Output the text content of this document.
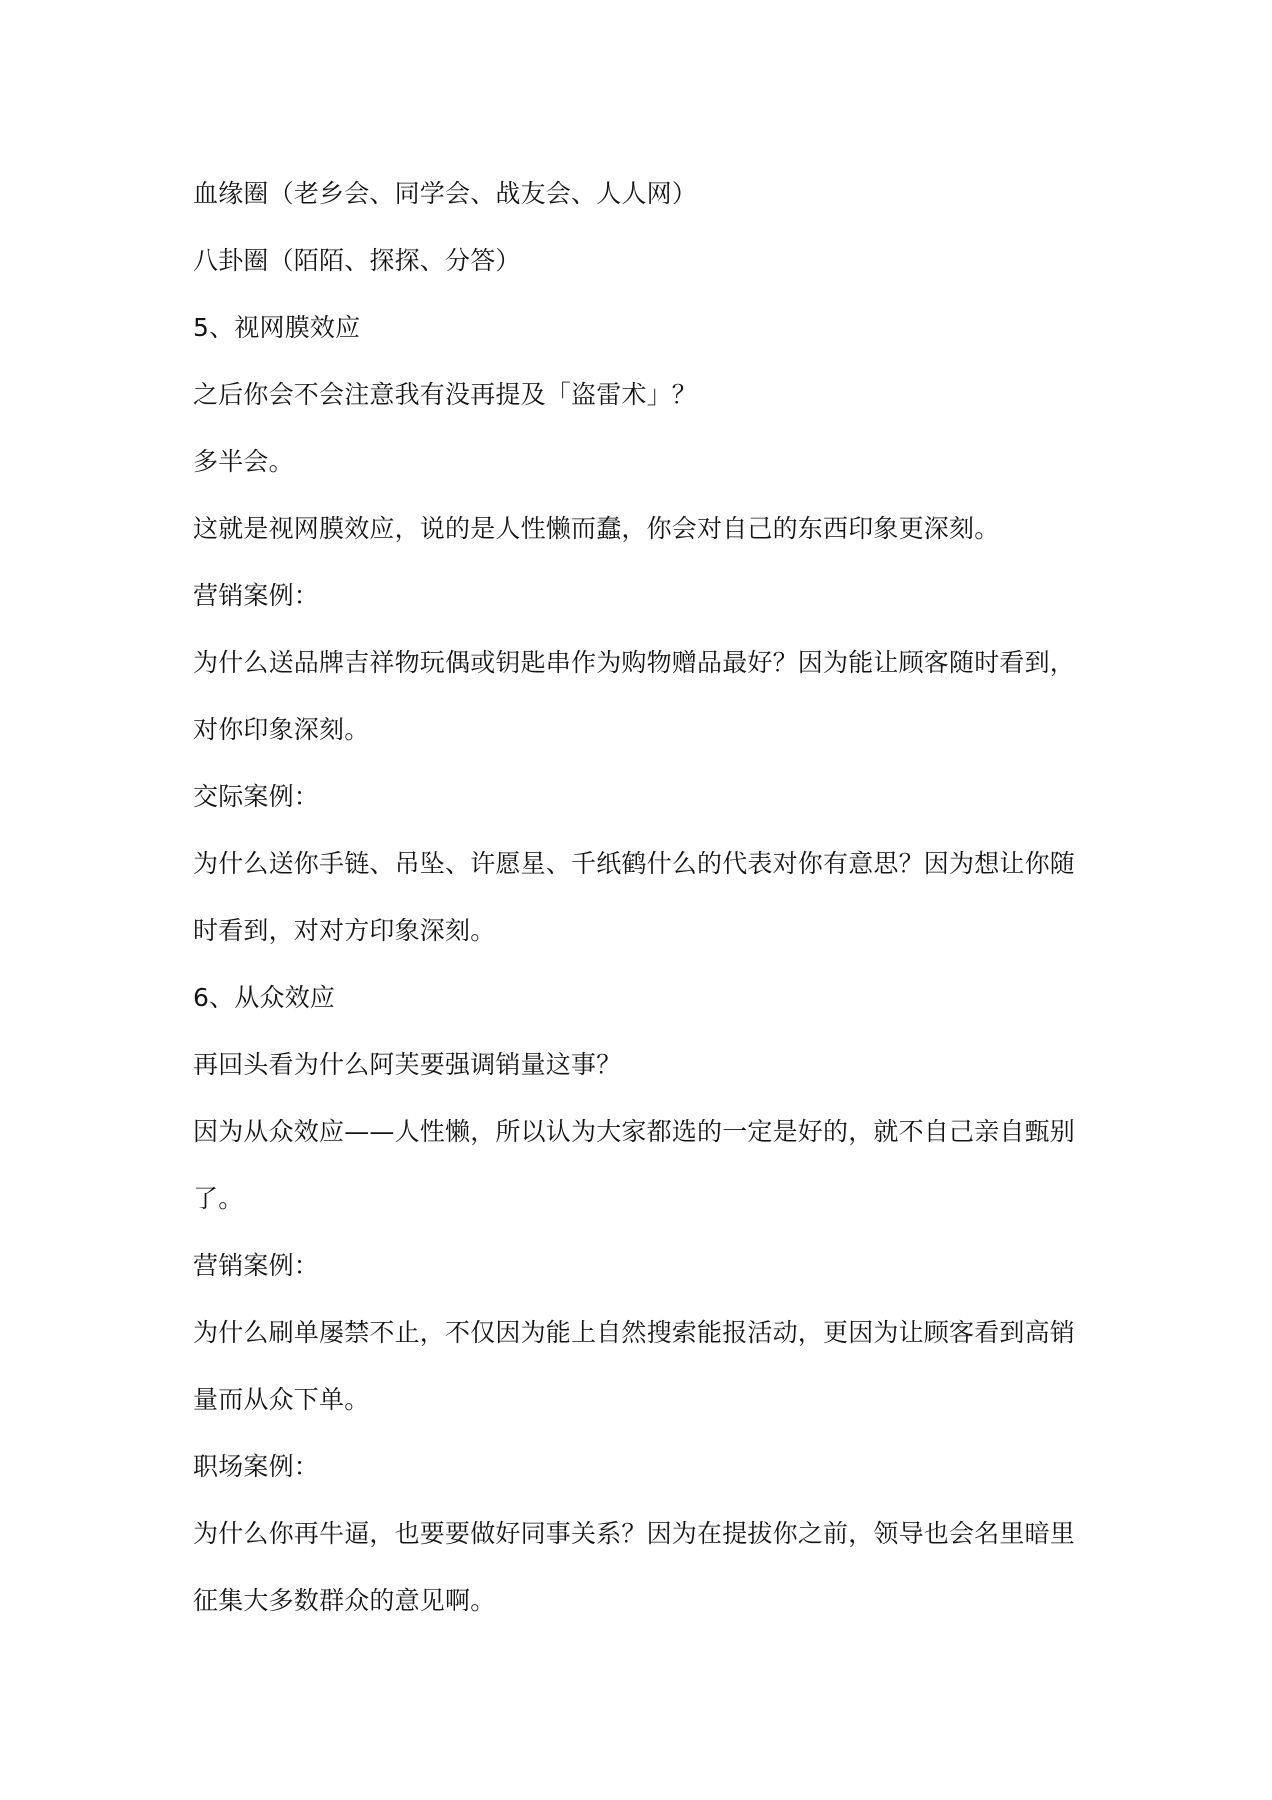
血缘圈（老乡会、同学会、战友会、人人网）

八卦圈（陌陌、探探、分答）

5、视网膜效应

之后你会不会注意我有没再提及「盗雷术」？

多半会。

这就是视网膜效应，说的是人性懒而蠢，你会对自己的东西印象更深刻。

营销案例：

为什么送品牌吉祥物玩偶或钥匙串作为购物赠品最好？因为能让顾客随时看到，

对你印象深刻。

交际案例：

为什么送你手链、吊坠、许愿星、千纸鹤什么的代表对你有意思？因为想让你随

时看到，对对方印象深刻。

6、从众效应

再回头看为什么阿芙要强调销量这事？

因为从众效应——人性懒，所以认为大家都选的一定是好的，就不自己亲自甄别

了。

营销案例：

为什么刷单屡禁不止，不仅因为能上自然搜索能报活动，更因为让顾客看到高销

量而从众下单。

职场案例：

为什么你再牛逼，也要要做好同事关系？因为在提拔你之前，领导也会名里暗里

征集大多数群众的意见啊。
